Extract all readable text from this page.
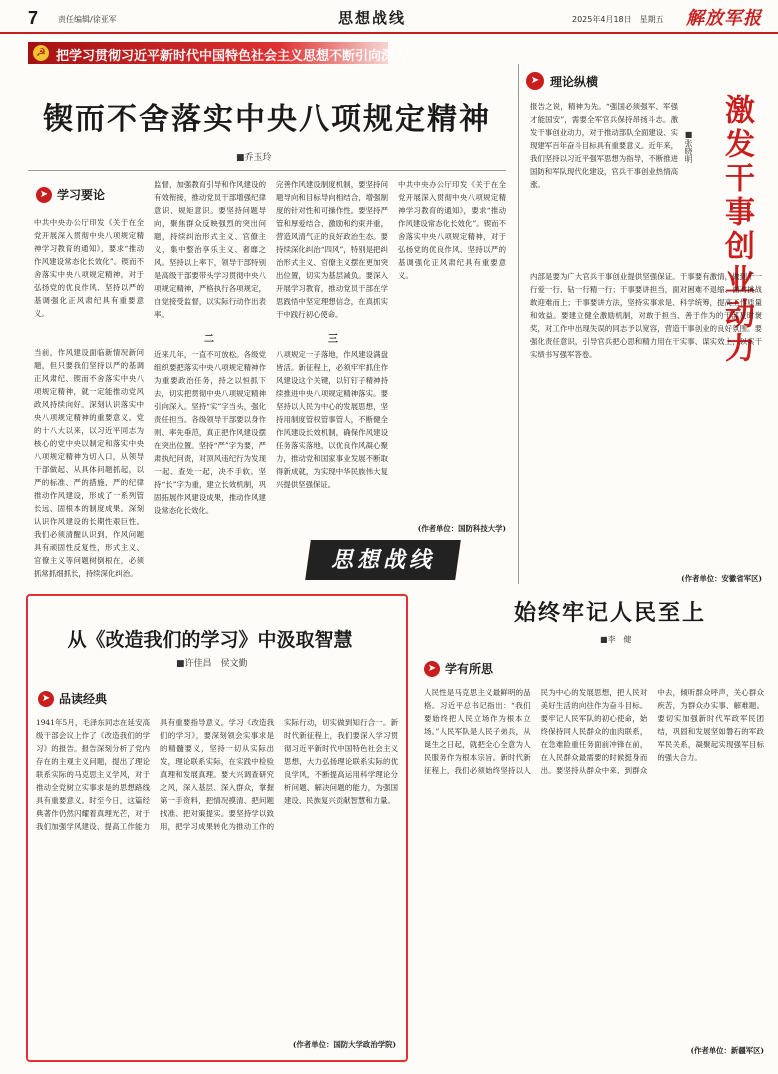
7 责任编辑/徐亚军	思想战线	2025年4月18日　星期五 解放军报
☭ 把学习贯彻习近平新时代中国特色社会主义思想不断引向深入
锲而不舍落实中央八项规定精神
■乔玉玲
➤ 学习要论
中共中央办公厅印发《关于在全党开展深入贯彻中央八项规定精神学习教育的通知》，要求“推动作风建设常态化长效化”。锲而不舍落实中央八项规定精神，对于弘扬党的优良作风、坚持以严的基调强化正风肃纪具有重要意义。
当前，作风建设面临新情况新问题，但只要我们坚持以严的基调正风肃纪、锲而不舍落实中央八项规定精神，就一定能推动党风政风持续向好。深刻认识落实中央八项规定精神的重要意义。党的十八大以来，以习近平同志为核心的党中央以制定和落实中央八项规定精神为切入口，从领导干部做起、从具体问题抓起，以严的标准、严的措施、严的纪律推动作风建设，形成了一系列管长远、固根本的制度成果。深刻认识作风建设的长期性艰巨性。我们必须清醒认识到，作风问题具有顽固性反复性，形式主义、官僚主义等问题树倒根在，必须抓常抓细抓长，持续深化纠治。
监督，加强教育引导和作风建设的有效衔接，推动党员干部增强纪律意识、规矩意识。要坚持问题导向，聚焦群众反映强烈的突出问题，持续纠治形式主义、官僚主义，集中整治享乐主义、奢靡之风。坚持以上率下，领导干部特别是高级干部要带头学习贯彻中央八项规定精神，严格执行各项规定，自觉接受监督，以实际行动作出表率。
二
近来几年，一直不可放松。各级党组织要把落实中央八项规定精神作为重要政治任务，持之以恒抓下去，切实把贯彻中央八项规定精神引向深入。坚持“实”字当头，强化责任担当。各级领导干部要以身作则、率先垂范，真正把作风建设摆在突出位置。坚持“严”字为要，严肃执纪问责，对顶风违纪行为发现一起、查处一起，决不手软。坚持“长”字为重，建立长效机制，巩固拓展作风建设成果，推动作风建设常态化长效化。
完善作风建设制度机制，要坚持问题导向和目标导向相结合，增强制度的针对性和可操作性。要坚持严管和厚爱结合、激励和约束并重，营造风清气正的良好政治生态。要持续深化纠治“四风”，特别是把纠治形式主义、官僚主义摆在更加突出位置，切实为基层减负。要深入开展学习教育，推动党员干部在学思践悟中坚定理想信念，在真抓实干中践行初心使命。
三
八项规定一子落地，作风建设满盘皆活。新征程上，必须牢牢抓住作风建设这个关键，以钉钉子精神持续推进中央八项规定精神落实。要坚持以人民为中心的发展思想，坚持用制度管权管事管人，不断健全作风建设长效机制，确保作风建设任务落实落地，以优良作风凝心聚力，推动党和国家事业发展不断取得新成就，为实现中华民族伟大复兴提供坚强保证。
中共中央办公厅印发《关于在全党开展深入贯彻中央八项规定精神学习教育的通知》，要求“推动作风建设常态化长效化”。锲而不舍落实中央八项规定精神，对于弘扬党的优良作风、坚持以严的基调强化正风肃纪具有重要意义。
(作者单位：国防科技大学)
➤ 理论纵横
报告之说，精神为先。“强国必须强军、军强才能国安”，需要全军官兵保持昂扬斗志。激发干事创业动力，对于推动部队全面建设、实现建军百年奋斗目标具有重要意义。近年来，我们坚持以习近平强军思想为指导，不断推进国防和军队现代化建设，官兵干事创业热情高涨。
■张晓明 激发干事创业动力
内部是要为广大官兵干事创业提供坚强保证。干事要有激情，做到干一行爱一行、钻一行精一行；干事要讲担当，面对困难不退缩、面对挑战敢迎难而上；干事要讲方法，坚持实事求是、科学统筹，提高工作质量和效益。要建立健全激励机制，对敢于担当、善于作为的干部及时褒奖，对工作中出现失误的同志予以宽容，营造干事创业的良好氛围。要强化责任意识，引导官兵把心思和精力用在干实事、谋实效上，以实干实绩书写强军答卷。
(作者单位：安徽省军区)
思想战线
从《改造我们的学习》中汲取智慧
■许佳昌　侯文勤
➤ 品读经典
1941年5月，毛泽东同志在延安高级干部会议上作了《改造我们的学习》的报告。报告深刻分析了党内存在的主观主义问题，提出了理论联系实际的马克思主义学风，对于推动全党树立实事求是的思想路线具有重要意义。时至今日，这篇经典著作仍然闪耀着真理光芒，对于我们加强学风建设、提高工作能力具有重要指导意义。学习《改造我们的学习》，要深刻领会实事求是的精髓要义，坚持一切从实际出发，理论联系实际，在实践中检验真理和发展真理。要大兴调查研究之风，深入基层、深入群众，掌握第一手资料，把情况摸清、把问题找准、把对策提实。要坚持学以致用，把学习成果转化为推动工作的实际行动，切实做到知行合一。新时代新征程上，我们要深入学习贯彻习近平新时代中国特色社会主义思想，大力弘扬理论联系实际的优良学风，不断提高运用科学理论分析问题、解决问题的能力，为强国建设、民族复兴贡献智慧和力量。
(作者单位：国防大学政治学院)
始终牢记人民至上
■李　健
➤ 学有所思
人民性是马克思主义最鲜明的品格。习近平总书记指出：“我们要始终把人民立场作为根本立场。”人民军队是人民子弟兵，从诞生之日起，就把全心全意为人民服务作为根本宗旨。新时代新征程上，我们必须始终坚持以人民为中心的发展思想，把人民对美好生活的向往作为奋斗目标。要牢记人民军队的初心使命，始终保持同人民群众的血肉联系，在急难险重任务面前冲锋在前，在人民群众最需要的时候挺身而出。要坚持从群众中来、到群众中去，倾听群众呼声，关心群众疾苦，为群众办实事、解难题。要切实加强新时代军政军民团结，巩固和发展坚如磐石的军政军民关系，凝聚起实现强军目标的强大合力。
(作者单位：新疆军区)
